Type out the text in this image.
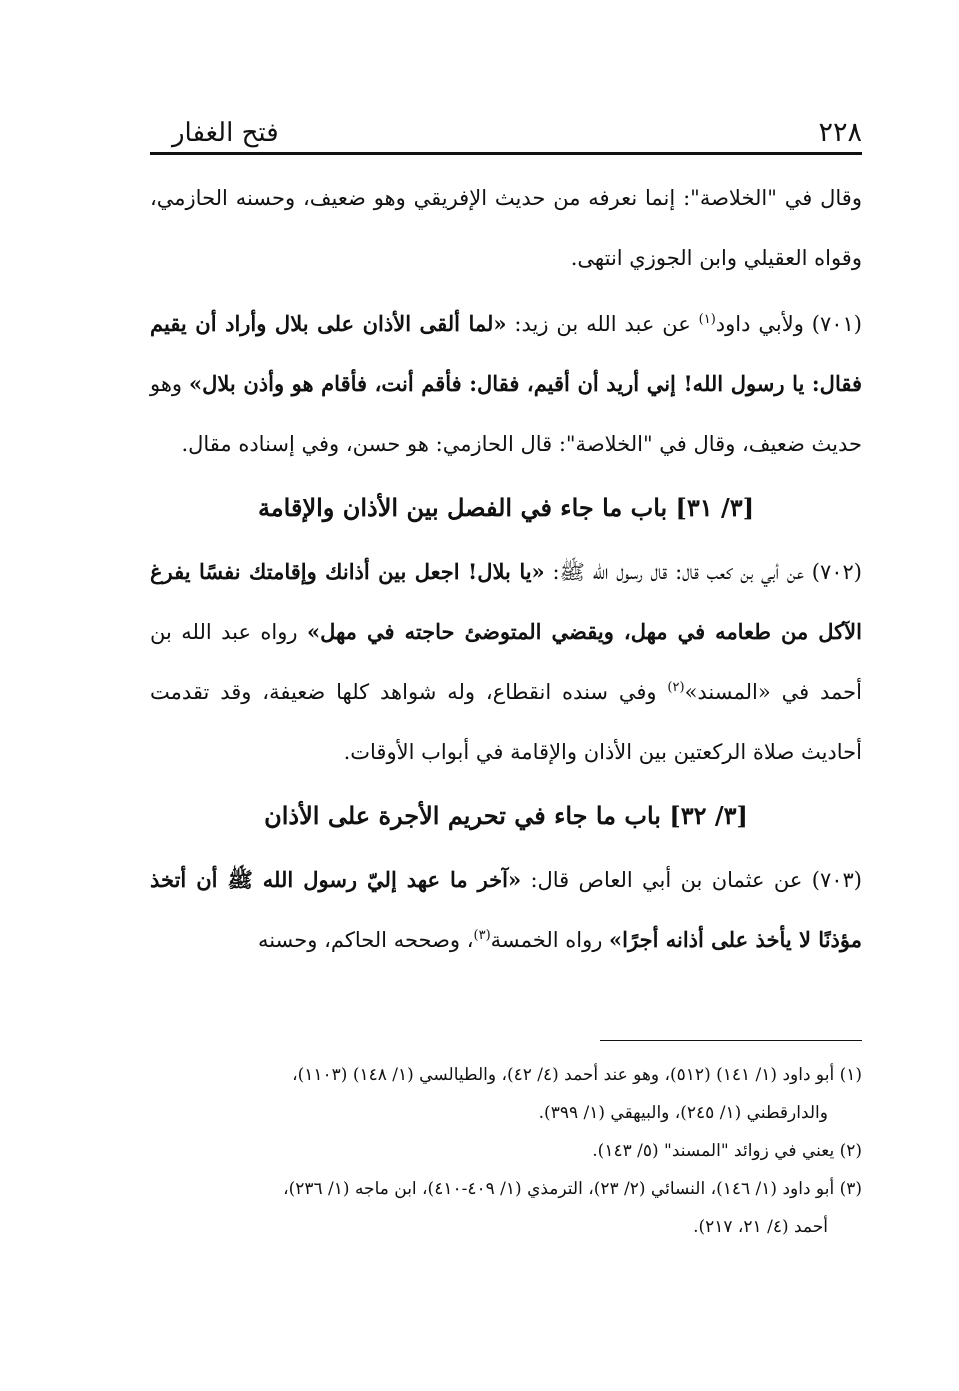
٢٢٨
فتح الغفار

وقال في "الخلاصة": إنما نعرفه من حديث الإفريقي وهو ضعيف، وحسنه الحازمي، وقواه العقيلي وابن الجوزي انتهى.

(٧٠١) ولأبي داود$^{(١)}$ عن عبد الله بن زيد: «لما ألقى الأذان على بلال وأراد أن يقيم فقال: يا رسول الله! إني أريد أن أقيم، فقال: فأقم أنت، فأقام هو وأذن بلال» وهو حديث ضعيف، وقال في "الخلاصة": قال الحازمي: هو حسن، وفي إسناده مقال.

[٣/ ٣١] باب ما جاء في الفصل بين الأذان والإقامة

(٧٠٢) عن أبي بن كعب قال: قال رسول الله ﷺ: «يا بلال! اجعل بين أذانك وإقامتك نفسًا يفرغ الآكل من طعامه في مهل، ويقضي المتوضئ حاجته في مهل» رواه عبد الله بن أحمد في «المسند»$^{(٢)}$ وفي سنده انقطاع، وله شواهد كلها ضعيفة، وقد تقدمت أحاديث صلاة الركعتين بين الأذان والإقامة في أبواب الأوقات.

[٣/ ٣٢] باب ما جاء في تحريم الأجرة على الأذان

(٧٠٣) عن عثمان بن أبي العاص قال: «آخر ما عهد إليّ رسول الله ﷺ أن أتخذ مؤذنًا لا يأخذ على أذانه أجرًا» رواه الخمسة$^{(٣)}$، وصححه الحاكم، وحسنه

(١) أبو داود (١/ ١٤١) (٥١٢)، وهو عند أحمد (٤/ ٤٢)، والطيالسي (١/ ١٤٨) (١١٠٣)،
والدارقطني (١/ ٢٤٥)، والبيهقي (١/ ٣٩٩).

(٢) يعني في زوائد "المسند" (٥/ ١٤٣).

(٣) أبو داود (١/ ١٤٦)، النسائي (٢/ ٢٣)، الترمذي (١/ ٤٠٩-٤١٠)، ابن ماجه (١/ ٢٣٦)،
أحمد (٤/ ٢١، ٢١٧).
